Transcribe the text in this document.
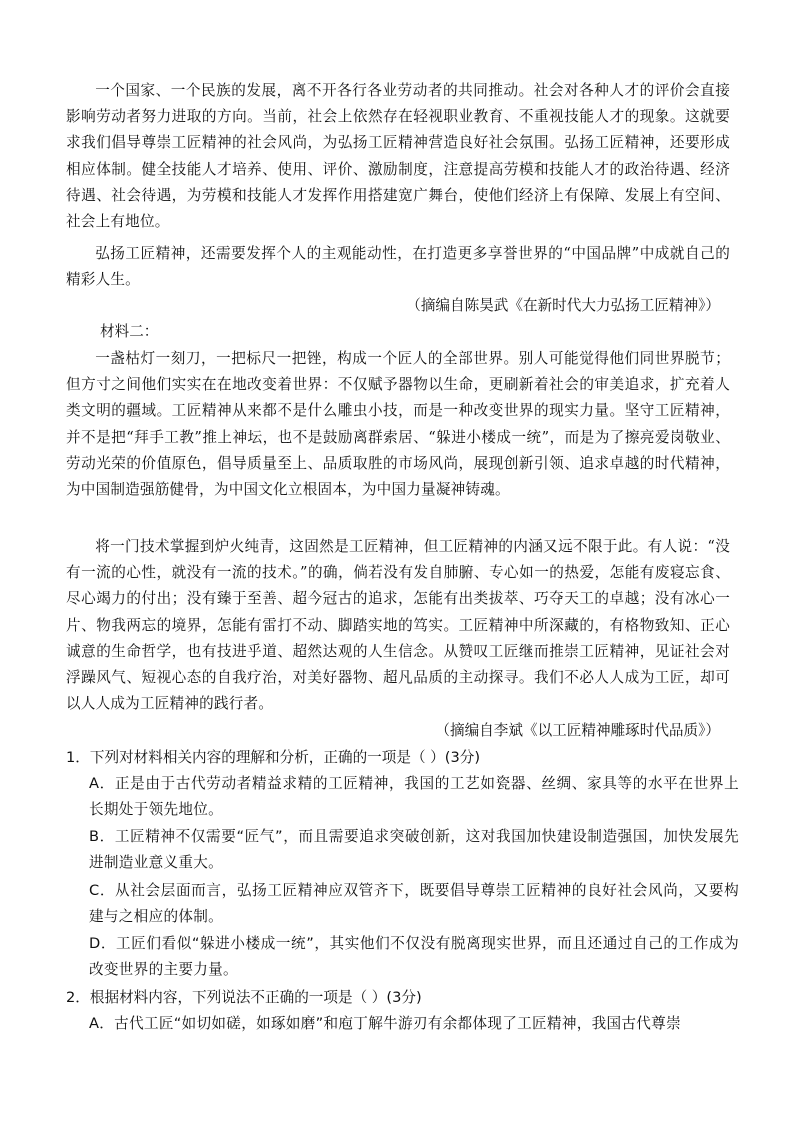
一个国家、一个民族的发展，离不开各行各业劳动者的共同推动。社会对各种人才的评价会直接影响劳动者努力进取的方向。当前，社会上依然存在轻视职业教育、不重视技能人才的现象。这就要求我们倡导尊崇工匠精神的社会风尚，为弘扬工匠精神营造良好社会氛围。弘扬工匠精神，还要形成相应体制。健全技能人才培养、使用、评价、激励制度，注意提高劳模和技能人才的政治待遇、经济待遇、社会待遇，为劳模和技能人才发挥作用搭建宽广舞台，使他们经济上有保障、发展上有空间、社会上有地位。

弘扬工匠精神，还需要发挥个人的主观能动性，在打造更多享誉世界的“中国品牌”中成就自己的精彩人生。

（摘编自陈昊武《在新时代大力弘扬工匠精神》）

材料二：

一盏枯灯一刻刀，一把标尺一把锉，构成一个匠人的全部世界。别人可能觉得他们同世界脱节；但方寸之间他们实实在在地改变着世界：不仅赋予器物以生命，更刷新着社会的审美追求，扩充着人类文明的疆域。工匠精神从来都不是什么雕虫小技，而是一种改变世界的现实力量。坚守工匠精神，并不是把“拜手工教”推上神坛，也不是鼓励离群索居、“躲进小楼成一统”，而是为了擦亮爱岗敬业、劳动光荣的价值原色，倡导质量至上、品质取胜的市场风尚，展现创新引领、追求卓越的时代精神，为中国制造强筋健骨，为中国文化立根固本，为中国力量凝神铸魂。

将一门技术掌握到炉火纯青，这固然是工匠精神，但工匠精神的内涵又远不限于此。有人说：“没有一流的心性，就没有一流的技术。”的确，倘若没有发自肺腑、专心如一的热爱，怎能有废寝忘食、尽心竭力的付出；没有臻于至善、超今冠古的追求，怎能有出类拔萃、巧夺天工的卓越；没有冰心一片、物我两忘的境界，怎能有雷打不动、脚踏实地的笃实。工匠精神中所深藏的，有格物致知、正心诚意的生命哲学，也有技进乎道、超然达观的人生信念。从赞叹工匠继而推崇工匠精神，见证社会对浮躁风气、短视心态的自我疗治，对美好器物、超凡品质的主动探寻。我们不必人人成为工匠，却可以人人成为工匠精神的践行者。

（摘编自李斌《以工匠精神雕琢时代品质》）

1．下列对材料相关内容的理解和分析，正确的一项是（ ）(3分)

A．正是由于古代劳动者精益求精的工匠精神，我国的工艺如瓷器、丝绸、家具等的水平在世界上长期处于领先地位。

B．工匠精神不仅需要“匠气”，而且需要追求突破创新，这对我国加快建设制造强国，加快发展先进制造业意义重大。

C．从社会层面而言，弘扬工匠精神应双管齐下，既要倡导尊崇工匠精神的良好社会风尚，又要构建与之相应的体制。

D．工匠们看似“躲进小楼成一统”，其实他们不仅没有脱离现实世界，而且还通过自己的工作成为改变世界的主要力量。

2．根据材料内容，下列说法不正确的一项是（ ）(3分)

A．古代工匠“如切如磋，如琢如磨”和庖丁解牛游刃有余都体现了工匠精神，我国古代尊崇
